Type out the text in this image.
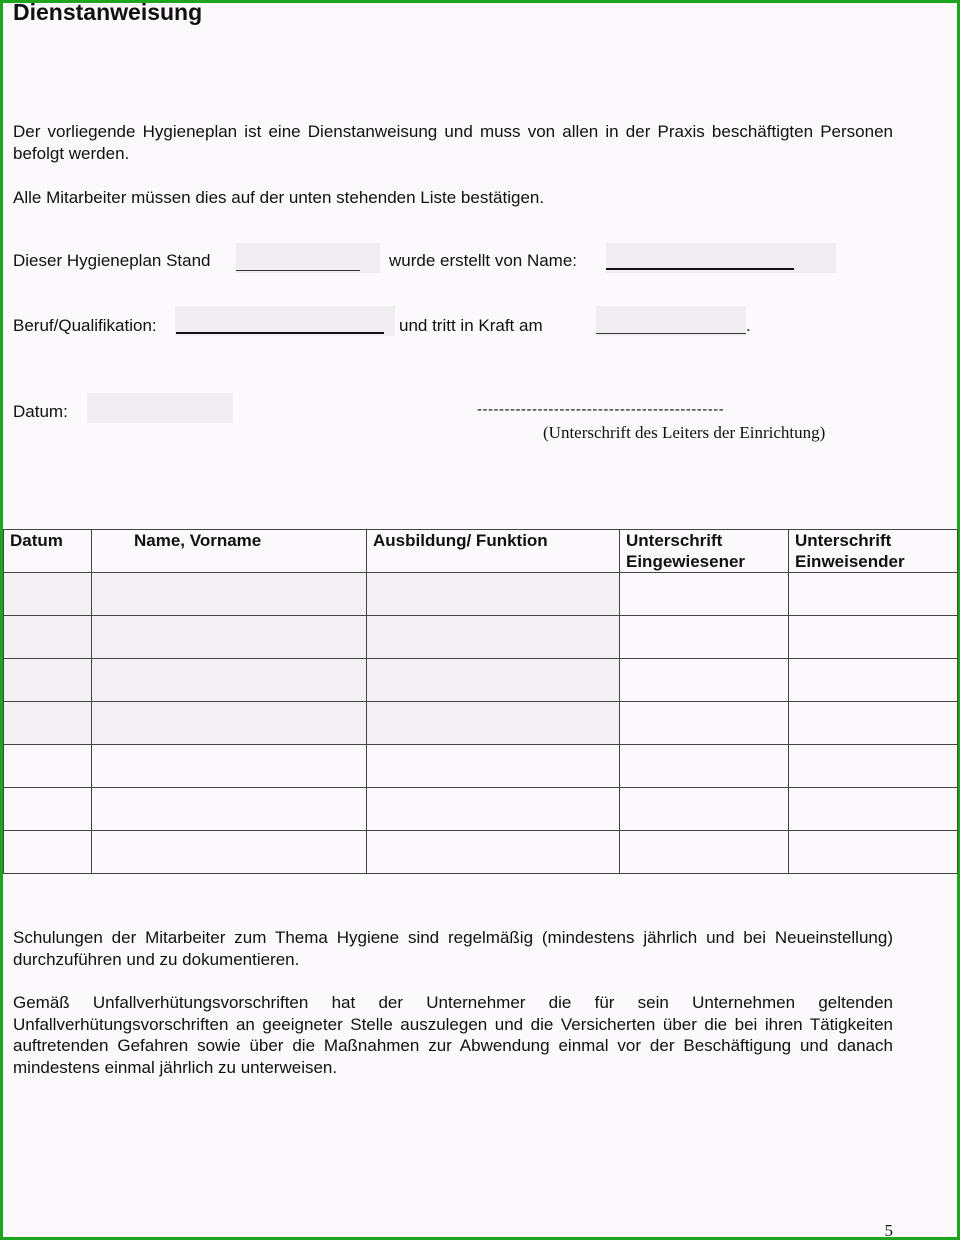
Dienstanweisung
Der vorliegende Hygieneplan ist eine Dienstanweisung und muss von allen in der Praxis beschäftigten Personen befolgt werden.
Alle Mitarbeiter müssen dies auf der unten stehenden Liste bestätigen.
Dieser Hygieneplan Stand	wurde erstellt von Name:
Beruf/Qualifikation:	und tritt in Kraft am	.
Datum:	---------------------------------------------
(Unterschrift des Leiters der Einrichtung)
Datum	Name, Vorname	Ausbildung/ Funktion	Unterschrift Eingewiesener	Unterschrift Einweisender

Schulungen der Mitarbeiter zum Thema Hygiene sind regelmäßig (mindestens jährlich und bei Neueinstellung) durchzuführen und zu dokumentieren.
Gemäß Unfallverhütungsvorschriften hat der Unternehmer die für sein Unternehmen geltenden Unfallverhütungsvorschriften an geeigneter Stelle auszulegen und die Versicherten über die bei ihren Tätigkeiten auftretenden Gefahren sowie über die Maßnahmen zur Abwendung einmal vor der Beschäftigung und danach mindestens einmal jährlich zu unterweisen.
5
